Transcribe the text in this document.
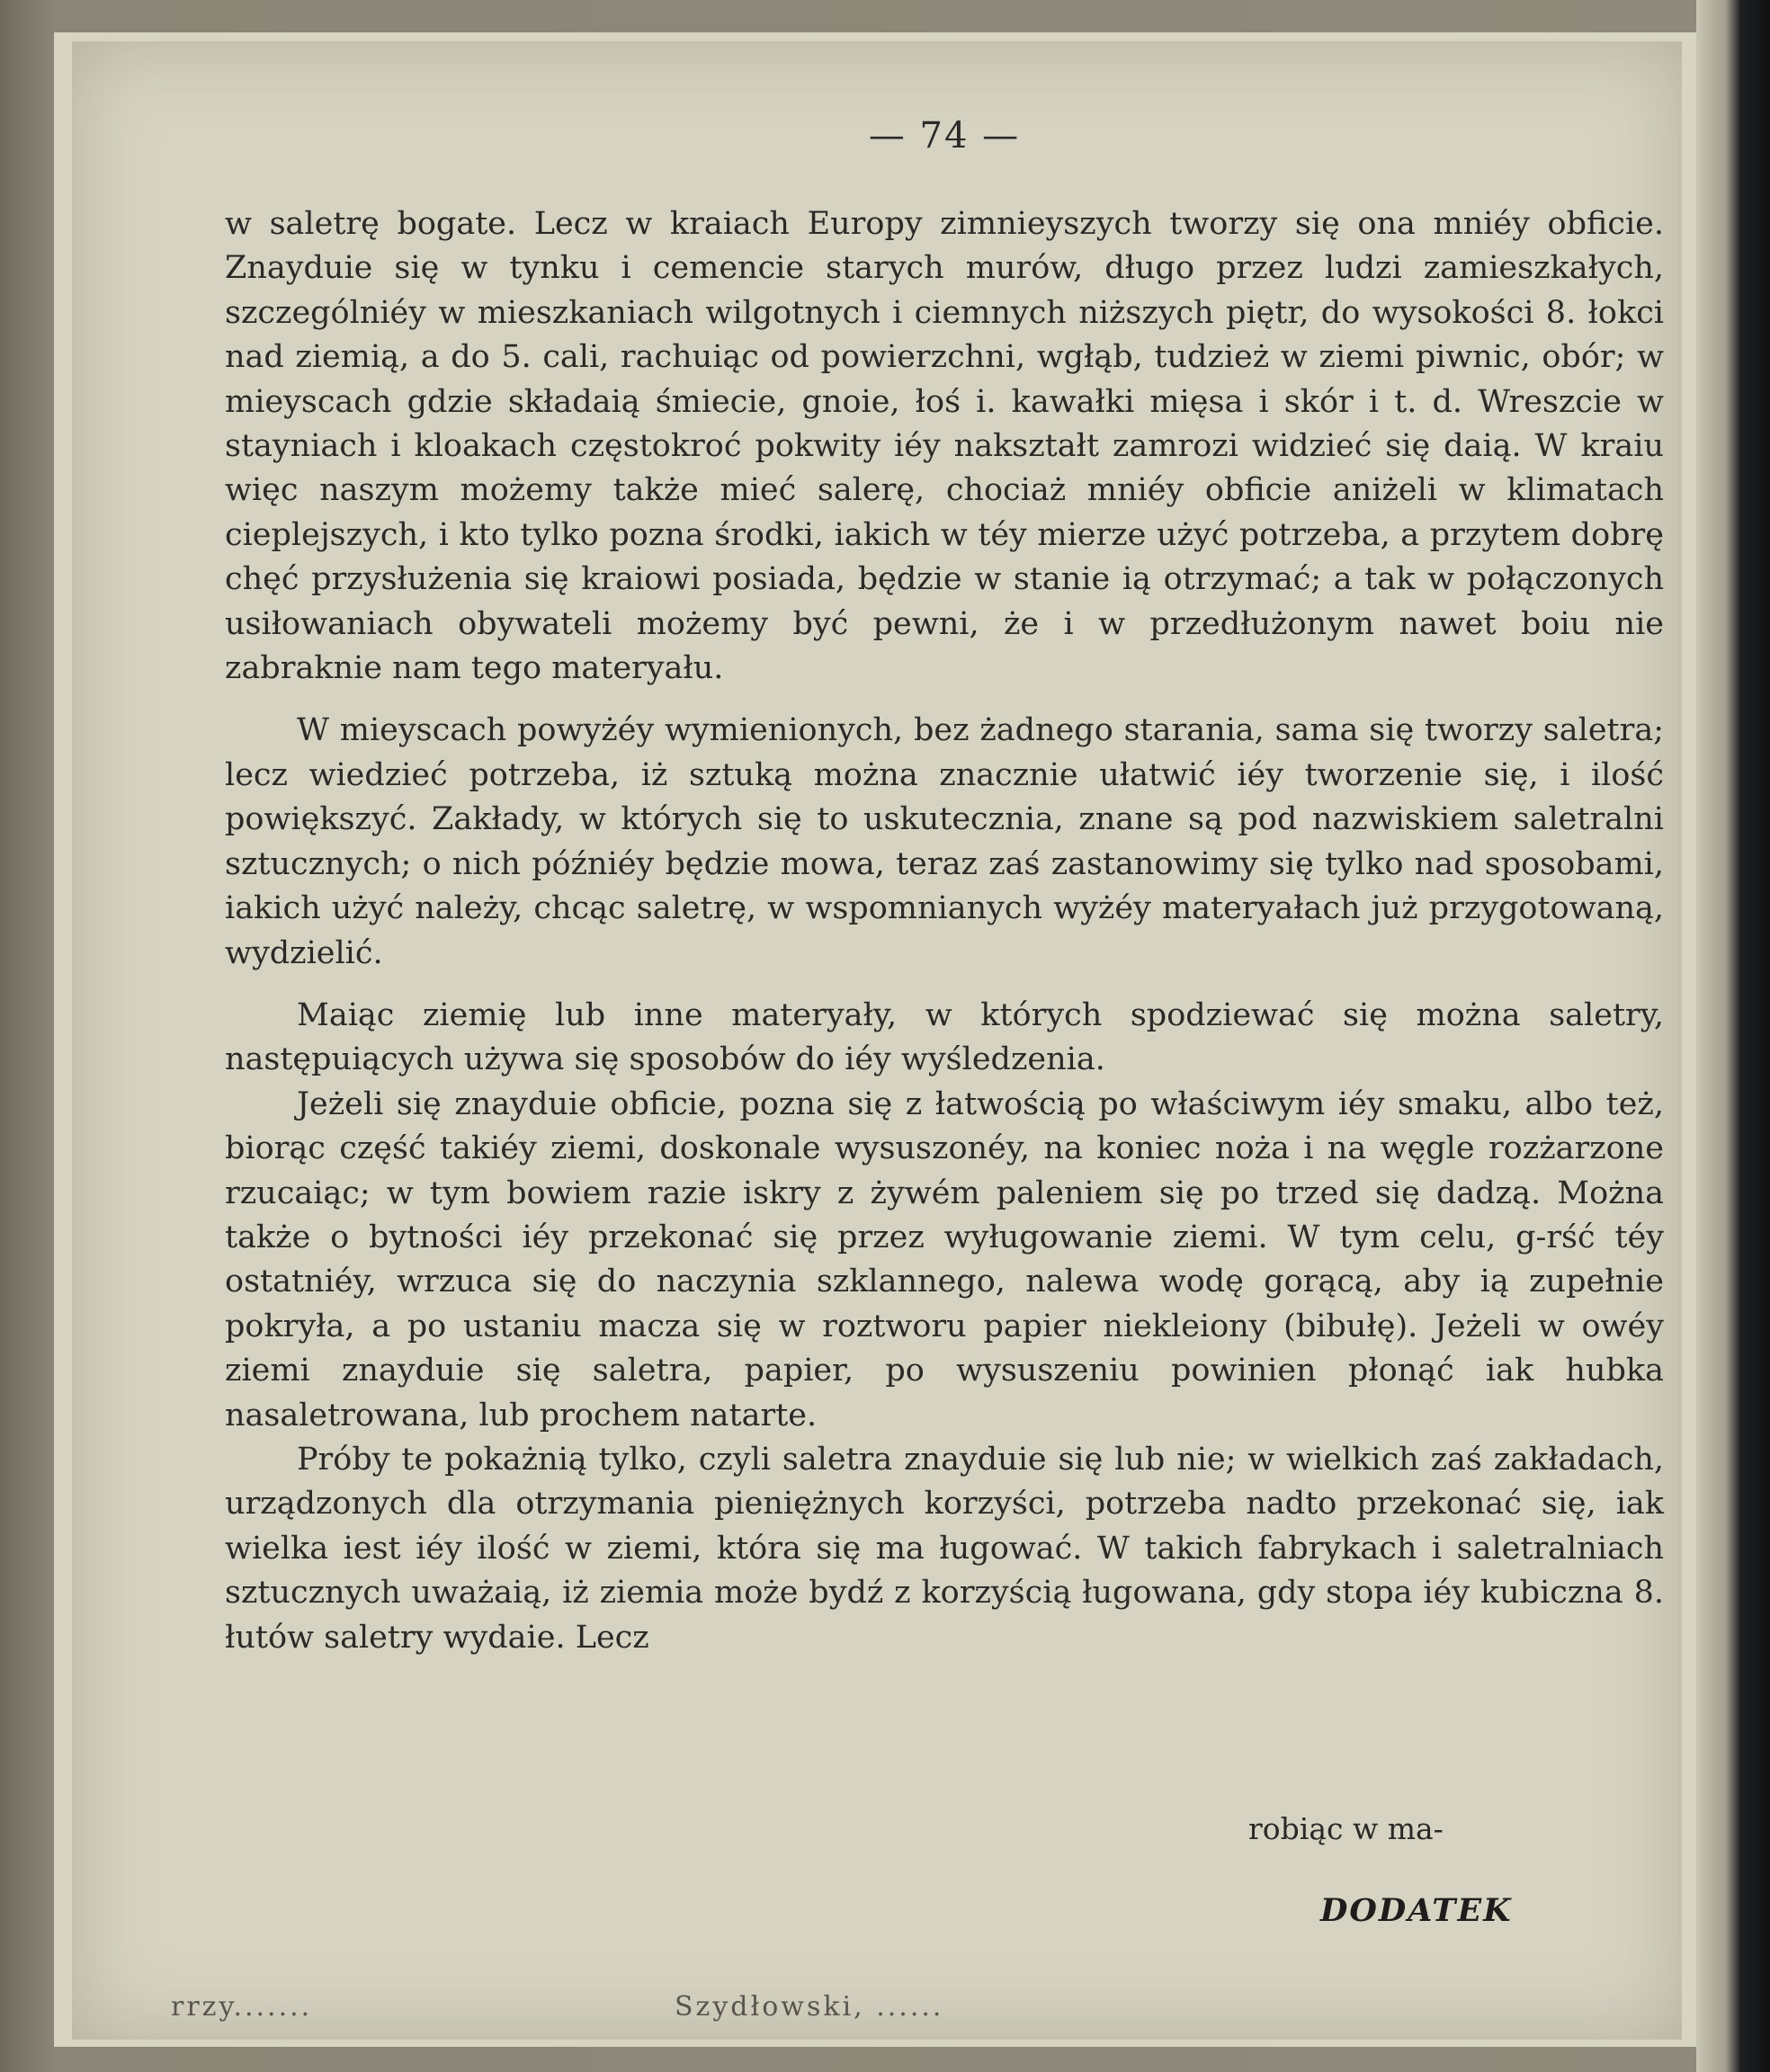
— 74 —

w saletrę bogate. Lecz w kraiach Europy zimnieyszych tworzy się ona mniéy obficie. Znayduie się w tynku i cemencie starych murów, długo przez ludzi zamieszkałych, szczególniéy w mieszkaniach wilgotnych i ciemnych niższych piętr, do wysokości 8. łokci nad ziemią, a do 5. cali, rachuiąc od powierzchni, wgłąb, tudzież w ziemi piwnic, obór; w mieyscach gdzie składaią śmiecie, gnoie, łoś i. kawałki mięsa i skór i t. d. Wreszcie w stayniach i kloakach częstokroć pokwity iéy nakształt zamrozi widzieć się daią. W kraiu więc naszym możemy także mieć salerę, chociaż mniéy obficie aniżeli w klimatach cieplejszych, i kto tylko pozna środki, iakich w téy mierze użyć potrzeba, a przytem dobrę chęć przysłużenia się kraiowi posiada, będzie w stanie ią otrzymać; a tak w połączonych usiłowaniach obywateli możemy być pewni, że i w przedłużonym nawet boiu nie zabraknie nam tego materyału.

W mieyscach powyżéy wymienionych, bez żadnego starania, sama się tworzy saletra; lecz wiedzieć potrzeba, iż sztuką można znacznie ułatwić iéy tworzenie się, i ilość powiększyć. Zakłady, w których się to uskutecznia, znane są pod nazwiskiem saletralni sztucznych; o nich późniéy będzie mowa, teraz zaś zastanowimy się tylko nad sposobami, iakich użyć należy, chcąc saletrę, w wspomnianych wyżéy materyałach już przygotowaną, wydzielić.

Maiąc ziemię lub inne materyały, w których spodziewać się można saletry, następuiących używa się sposobów do iéy wyśledzenia.

Jeżeli się znayduie obficie, pozna się z łatwością po właściwym iéy smaku, albo też, biorąc część takiéy ziemi, doskonale wysuszonéy, na koniec noża i na węgle rozżarzone rzucaiąc; w tym bowiem razie iskry z żywém paleniem się po trzed się dadzą. Można także o bytności iéy przekonać się przez wyługowanie ziemi. W tym celu, g-rść téy ostatniéy, wrzuca się do naczynia szklannego, nalewa wodę gorącą, aby ią zupełnie pokryła, a po ustaniu macza się w roztworu papier niekleiony (bibułę). Jeżeli w owéy ziemi znayduie się saletra, papier, po wysuszeniu powinien płonąć iak hubka nasaletrowana, lub prochem natarte.

Próby te pokażnią tylko, czyli saletra znayduie się lub nie; w wielkich zaś zakładach, urządzonych dla otrzymania pieniężnych korzyści, potrzeba nadto przekonać się, iak wielka iest iéy ilość w ziemi, która się ma ługować. W takich fabrykach i saletralniach sztucznych uważaią, iż ziemia może bydź z korzyścią ługowana, gdy stopa iéy kubiczna 8. łutów saletry wydaie. Lecz

robiąc w ma-
DODATEK
rrzy.......	Szydłowski, ......
